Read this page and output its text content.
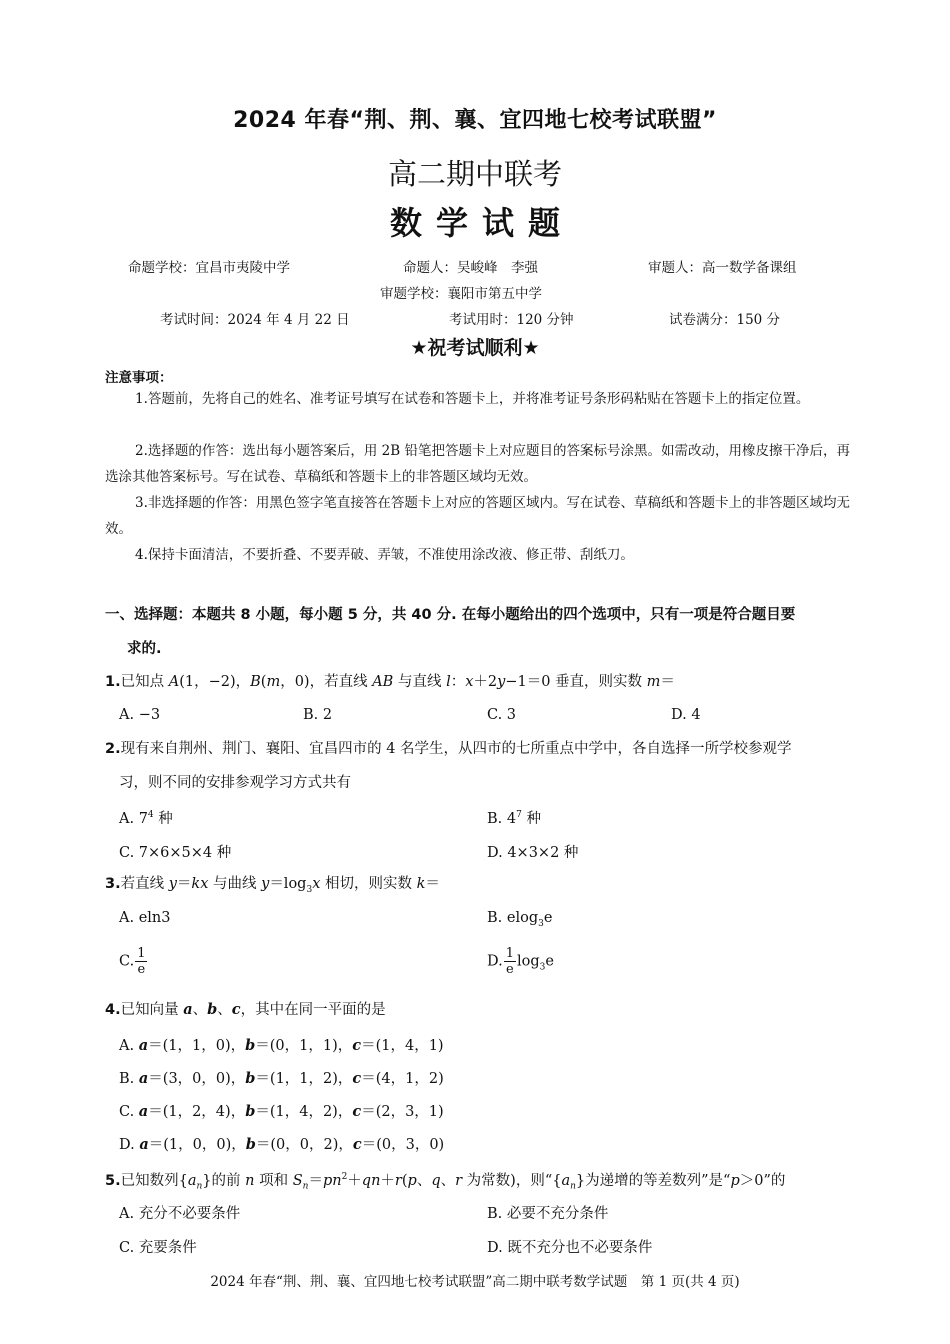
2024 年春“荆、荆、襄、宜四地七校考试联盟”
高二期中联考
数学试题
命题学校：宜昌市夷陵中学	命题人：吴峻峰　李强	审题人：高一数学备课组
审题学校：襄阳市第五中学
考试时间：2024 年 4 月 22 日	考试用时：120 分钟	试卷满分：150 分
★祝考试顺利★
注意事项：
1.答题前，先将自己的姓名、准考证号填写在试卷和答题卡上，并将准考证号条形码粘贴在答题卡上的指定位置。
2.选择题的作答：选出每小题答案后，用 2B 铅笔把答题卡上对应题目的答案标号涂黑。如需改动，用橡皮擦干净后，再选涂其他答案标号。写在试卷、草稿纸和答题卡上的非答题区域均无效。
3.非选择题的作答：用黑色签字笔直接答在答题卡上对应的答题区域内。写在试卷、草稿纸和答题卡上的非答题区域均无效。
4.保持卡面清洁，不要折叠、不要弄破、弄皱，不准使用涂改液、修正带、刮纸刀。
一、选择题：本题共 8 小题，每小题 5 分，共 40 分. 在每小题给出的四个选项中，只有一项是符合题目要
求的.
1.已知点 A(1，−2)，B(m，0)，若直线 AB 与直线 l：x＋2y−1＝0 垂直，则实数 m＝
A. −3	B. 2	C. 3	D. 4
2.现有来自荆州、荆门、襄阳、宜昌四市的 4 名学生，从四市的七所重点中学中，各自选择一所学校参观学
习，则不同的安排参观学习方式共有
A. $7^4$ 种	B. $4^7$ 种
C. 7×6×5×4 种	D. 4×3×2 种
3.若直线 y＝kx 与曲线 $y=\log_3x$ 相切，则实数 k＝
A. eln3	B. elog$_3$e
C. $\frac{1}{e}$	D. $\frac{1}{e} \log_3e$
4.已知向量 a、b、c，其中在同一平面的是
A. a＝(1，1，0)，b＝(0，1，1)，c＝(1，4，1)
B. a＝(3，0，0)，b＝(1，1，2)，c＝(4，1，2)
C. a＝(1，2，4)，b＝(1，4，2)，c＝(2，3，1)
D. a＝(1，0，0)，b＝(0，0，2)，c＝(0，3，0)
5.已知数列$\{a_n\}$的前 n 项和 $S_n=pn^2+qn+r(p$、q、r 为常数)，则“$\{a_n\}$为递增的等差数列”是“p＞0”的
A. 充分不必要条件	B. 必要不充分条件
C. 充要条件	D. 既不充分也不必要条件
2024 年春“荆、荆、襄、宜四地七校考试联盟”高二期中联考数学试题　第 1 页(共 4 页)
